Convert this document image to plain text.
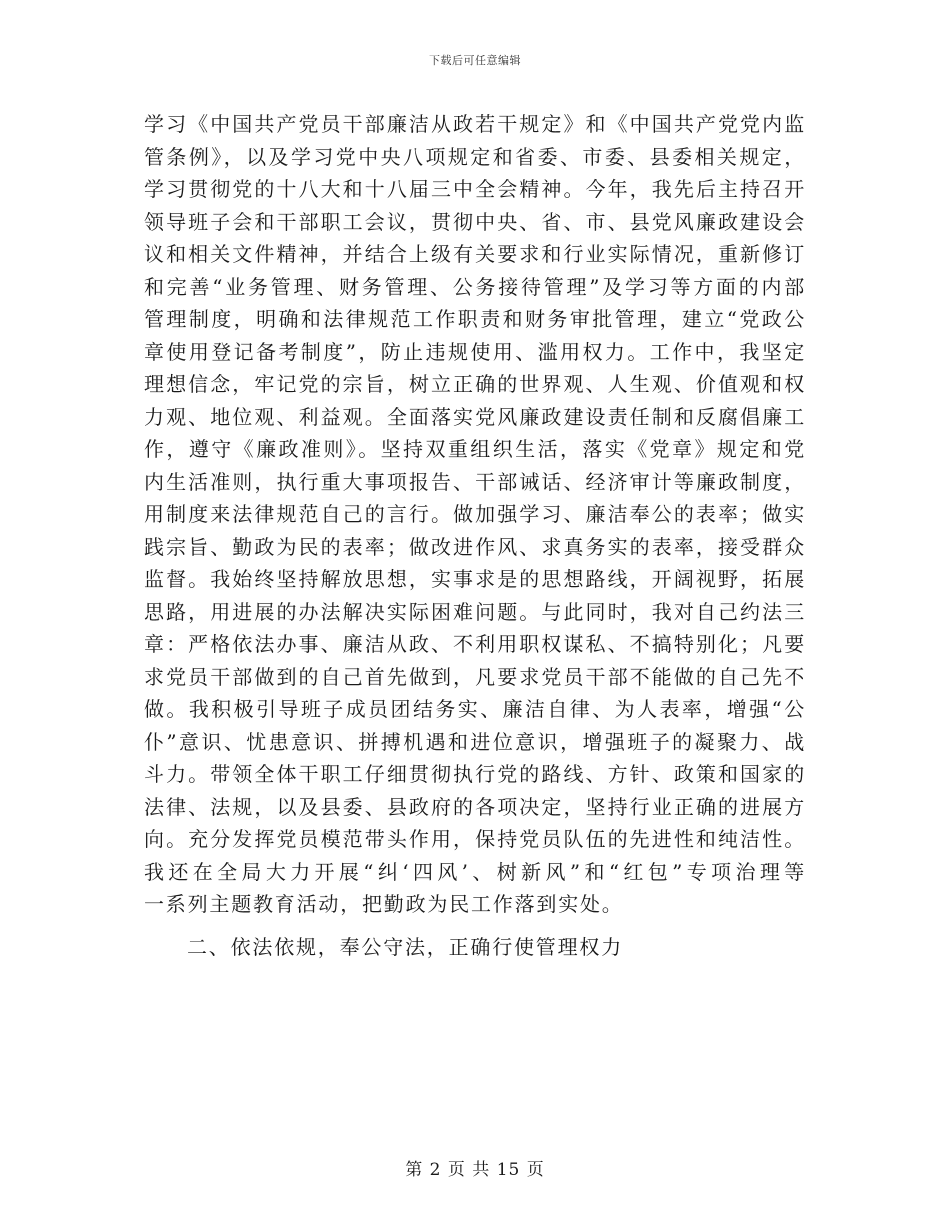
下载后可任意编辑
学习《中国共产党员干部廉洁从政若干规定》和《中国共产党党内监
管条例》，以及学习党中央八项规定和省委、市委、县委相关规定，
学习贯彻党的十八大和十八届三中全会精神。今年，我先后主持召开
领导班子会和干部职工会议，贯彻中央、省、市、县党风廉政建设会
议和相关文件精神，并结合上级有关要求和行业实际情况，重新修订
和完善“业务管理、财务管理、公务接待管理”及学习等方面的内部
管理制度，明确和法律规范工作职责和财务审批管理，建立“党政公
章使用登记备考制度”，防止违规使用、滥用权力。工作中，我坚定
理想信念，牢记党的宗旨，树立正确的世界观、人生观、价值观和权
力观、地位观、利益观。全面落实党风廉政建设责任制和反腐倡廉工
作，遵守《廉政准则》。坚持双重组织生活，落实《党章》规定和党
内生活准则，执行重大事项报告、干部诫话、经济审计等廉政制度，
用制度来法律规范自己的言行。做加强学习、廉洁奉公的表率；做实
践宗旨、勤政为民的表率；做改进作风、求真务实的表率，接受群众
监督。我始终坚持解放思想，实事求是的思想路线，开阔视野，拓展
思路，用进展的办法解决实际困难问题。与此同时，我对自己约法三
章：严格依法办事、廉洁从政、不利用职权谋私、不搞特别化；凡要
求党员干部做到的自己首先做到，凡要求党员干部不能做的自己先不
做。我积极引导班子成员团结务实、廉洁自律、为人表率，增强“公
仆”意识、忧患意识、拼搏机遇和进位意识，增强班子的凝聚力、战
斗力。带领全体干职工仔细贯彻执行党的路线、方针、政策和国家的
法律、法规，以及县委、县政府的各项决定，坚持行业正确的进展方
向。充分发挥党员模范带头作用，保持党员队伍的先进性和纯洁性。
我还在全局大力开展“纠‘四风’、树新风”和“红包”专项治理等
一系列主题教育活动，把勤政为民工作落到实处。
二、依法依规，奉公守法，正确行使管理权力
第 2 页 共 15 页
